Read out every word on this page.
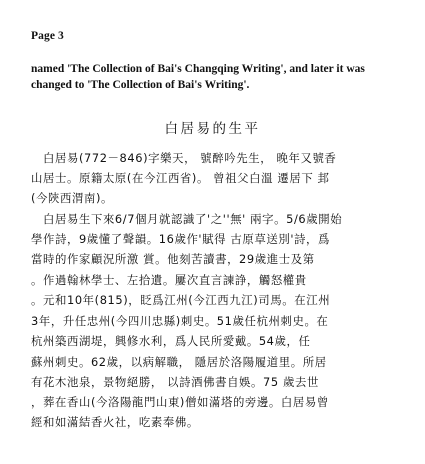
Page 3
named 'The Collection of Bai's Changqing Writing', and later it was
changed to 'The Collection of Bai's Writing'.
白居易的生平
　白居易(772－846)字樂天， 號醉吟先生， 晚年又號香
山居士。原籍太原(在今江西省)。 曾祖父白溫 遷居下 邽
(今陝西渭南)。
　白居易生下來6/7個月就認識了'之''無' 兩字。5/6歲開始
學作詩，9歲懂了聲韻。16歲作'賦得 古原草送別'詩，爲
當時的作家顧況所激 賞。他刻苦讀書，29歲進士及第
。作過翰林學士、左拾遺。屢次直言諫諍，觸怒權貴
。元和10年(815)，眨爲江州(今江西九江)司馬。在江州
3年，升任忠州(今四川忠縣)刺史。51歲任杭州刺史。在
杭州築西湖堤，興修水利，爲人民所愛戴。54歲，任
蘇州刺史。62歲，以病解職， 隱居於洛陽履道里。所居
有花木池泉，景物絕勝， 以詩酒佛書自娛。75 歲去世
，葬在香山(今洛陽龍門山東)僧如滿塔的旁邊。白居易曾
經和如滿結香火社，吃素奉佛。
